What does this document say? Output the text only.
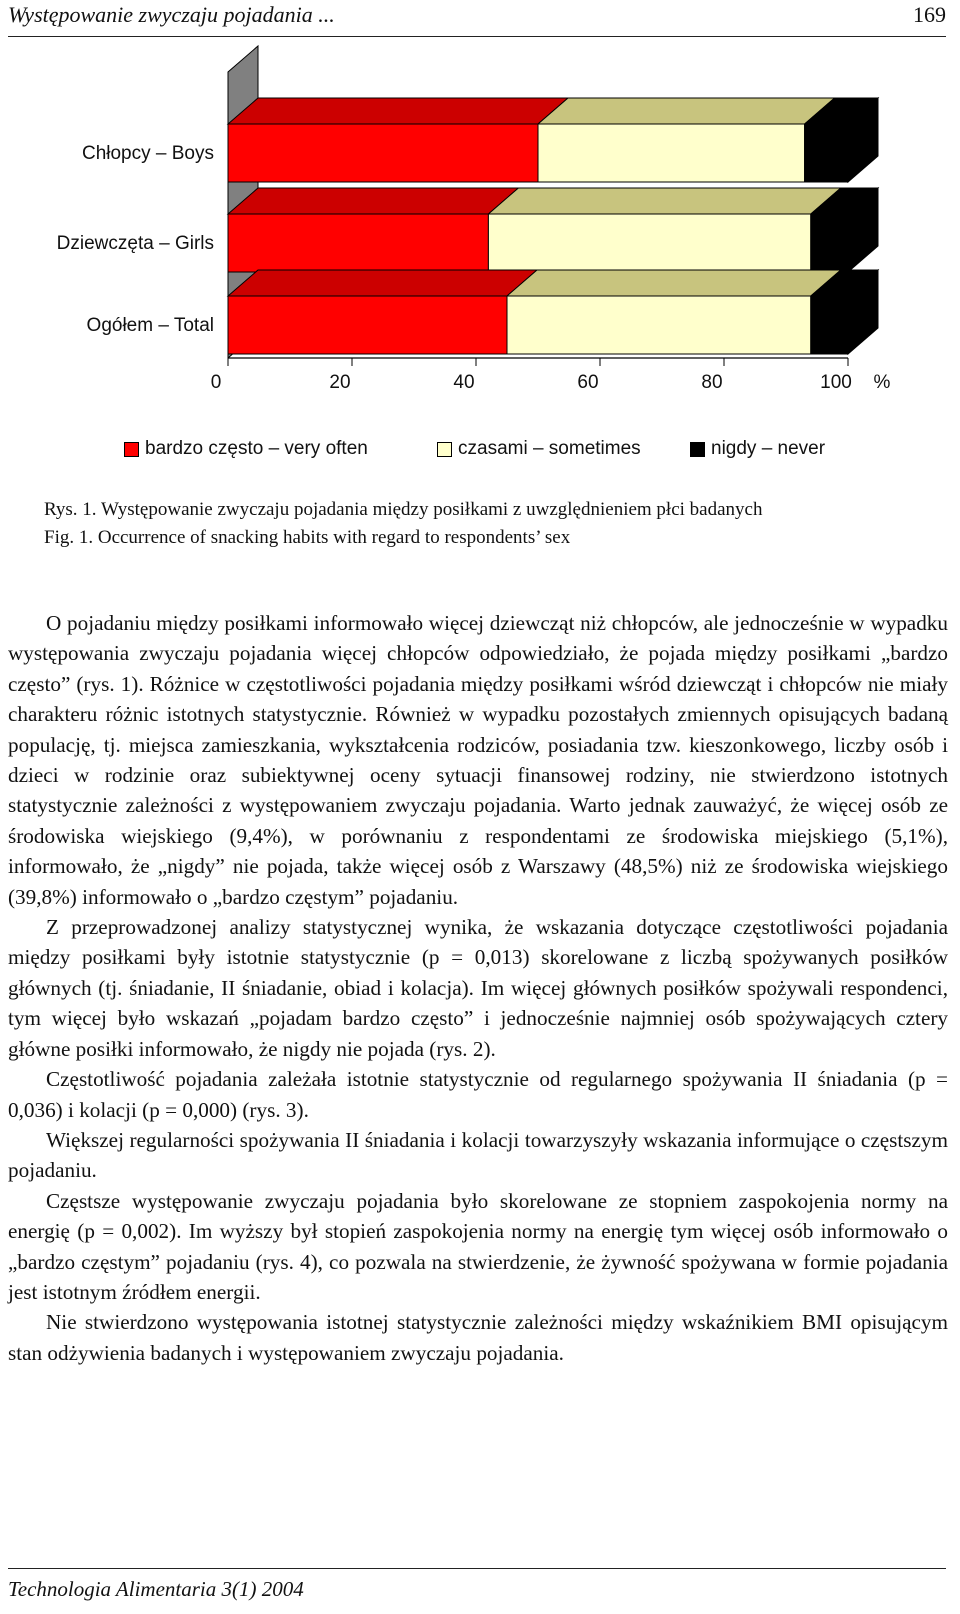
Występowanie zwyczaju pojadania ...	169
Chłopcy – Boys
Dziewczęta – Girls
Ogółem – Total
0	20	40	60	80	100 %
bardzo często – very often	czasami – sometimes	nigdy – never

Rys. 1. Występowanie zwyczaju pojadania między posiłkami z uwzględnieniem płci badanych

Fig. 1. Occurrence of snacking habits with regard to respondents’ sex

O pojadaniu między posiłkami informowało więcej dziewcząt niż chłopców, ale jednocześnie w wypadku występowania zwyczaju pojadania więcej chłopców odpowiedziało, że pojada między posiłkami „bardzo często” (rys. 1). Różnice w częstotliwości pojadania między posiłkami wśród dziewcząt i chłopców nie miały charakteru różnic istotnych statystycznie. Również w wypadku pozostałych zmiennych opisujących badaną populację, tj. miejsca zamieszkania, wykształcenia rodziców, posiadania tzw. kieszonkowego, liczby osób i dzieci w rodzinie oraz subiektywnej oceny sytuacji finansowej rodziny, nie stwierdzono istotnych statystycznie zależności z występowaniem zwyczaju pojadania. Warto jednak zauważyć, że więcej osób ze środowiska wiejskiego (9,4%), w porównaniu z respondentami ze środowiska miejskiego (5,1%), informowało, że „nigdy” nie pojada, także więcej osób z Warszawy (48,5%) niż ze środowiska wiejskiego (39,8%) informowało o „bardzo częstym” pojadaniu.

Z przeprowadzonej analizy statystycznej wynika, że wskazania dotyczące częstotliwości pojadania między posiłkami były istotnie statystycznie (p = 0,013) skorelowane z liczbą spożywanych posiłków głównych (tj. śniadanie, II śniadanie, obiad i kolacja). Im więcej głównych posiłków spożywali respondenci, tym więcej było wskazań „pojadam bardzo często” i jednocześnie najmniej osób spożywających cztery główne posiłki informowało, że nigdy nie pojada (rys. 2).

Częstotliwość pojadania zależała istotnie statystycznie od regularnego spożywania II śniadania (p = 0,036) i kolacji (p = 0,000) (rys. 3).

Większej regularności spożywania II śniadania i kolacji towarzyszyły wskazania informujące o częstszym pojadaniu.

Częstsze występowanie zwyczaju pojadania było skorelowane ze stopniem zaspokojenia normy na energię (p = 0,002). Im wyższy był stopień zaspokojenia normy na energię tym więcej osób informowało o „bardzo częstym” pojadaniu (rys. 4), co pozwala na stwierdzenie, że żywność spożywana w formie pojadania jest istotnym źródłem energii.

Nie stwierdzono występowania istotnej statystycznie zależności między wskaźnikiem BMI opisującym stan odżywienia badanych i występowaniem zwyczaju pojadania.

Technologia Alimentaria 3(1) 2004
